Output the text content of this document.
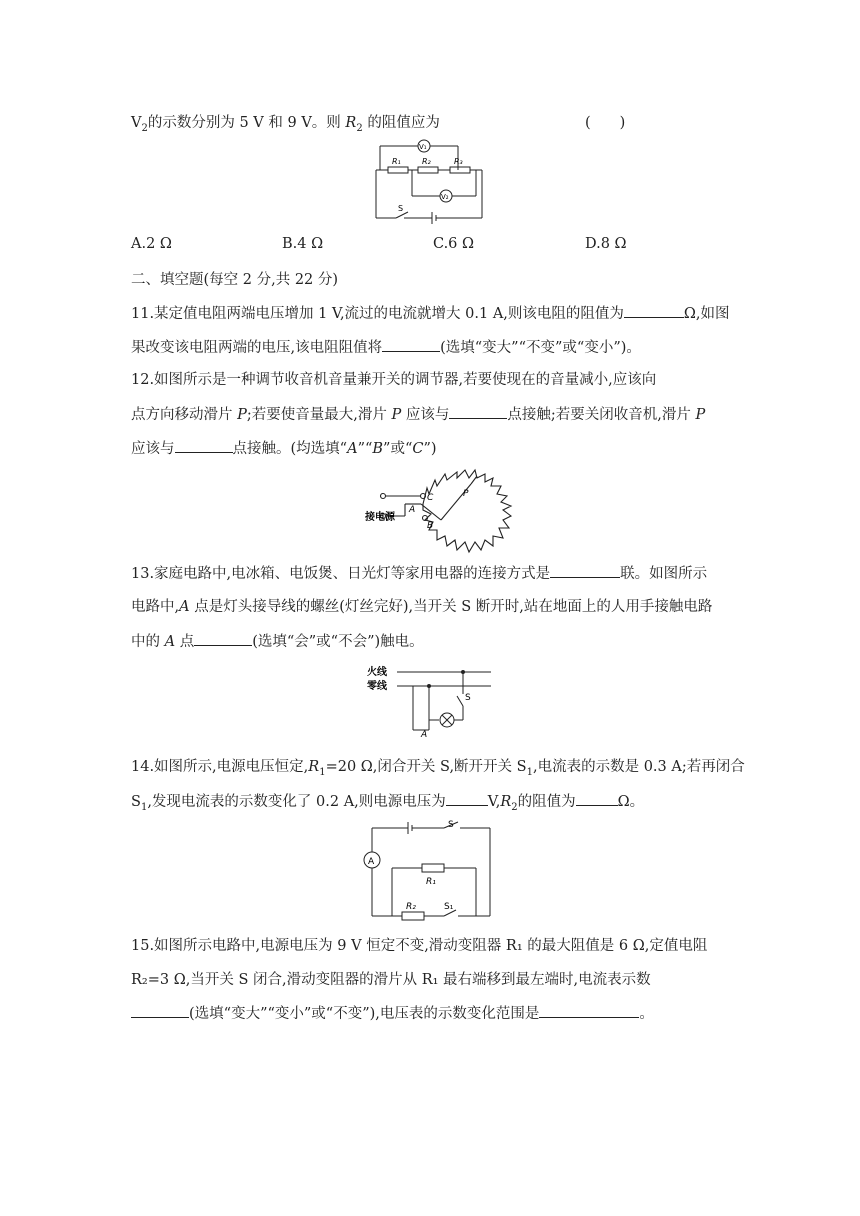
$V_2$的示数分别为 5 V 和 9 V。则 $R_2$ 的阻值应为	(　　)
R₁	R₂	R₃
V₁
V₂
S
A.2 Ω	B.4 Ω	C.6 Ω	D.8 Ω
二、填空题(每空 2 分,共 22 分)
11.某定值电阻两端电压增加 1 V,流过的电流就增大 0.1 A,则该电阻的阻值为	Ω,如图
果改变该电阻两端的电压,该电阻阻值将	(选填“变大”“不变”或“变小”)。
12.如图所示是一种调节收音机音量兼开关的调节器,若要使现在的音量减小,应该向
点方向移动滑片 P;若要使音量最大,滑片 P 应该与	点接触;若要关闭收音机,滑片 P
应该与	点接触。(均选填“A”“B”或“C”)
接电源
A
B
C	P
13.家庭电路中,电冰箱、电饭煲、日光灯等家用电器的连接方式是	联。如图所示
电路中,A 点是灯头接导线的螺丝(灯丝完好),当开关 S 断开时,站在地面上的人用手接触电路
中的 A 点	(选填“会”或“不会”)触电。
火线
零线
S
A
14.如图所示,电源电压恒定$,R_1=20$ Ω,闭合开关 S,断开开关 $S_1$,电流表的示数是 0.3 A;若再闭合
$S_1$,发现电流表的示数变化了 0.2 A,则电源电压为	$V,R_2$的阻值为	Ω。
S
A
R₁
R₂	S₁
15.如图所示电路中,电源电压为 9 V 恒定不变,滑动变阻器 R₁ 的最大阻值是 6 Ω,定值电阻
R₂=3 Ω,当开关 S 闭合,滑动变阻器的滑片从 R₁ 最右端移到最左端时,电流表示数
(选填“变大”“变小”或“不变”),电压表的示数变化范围是	。
